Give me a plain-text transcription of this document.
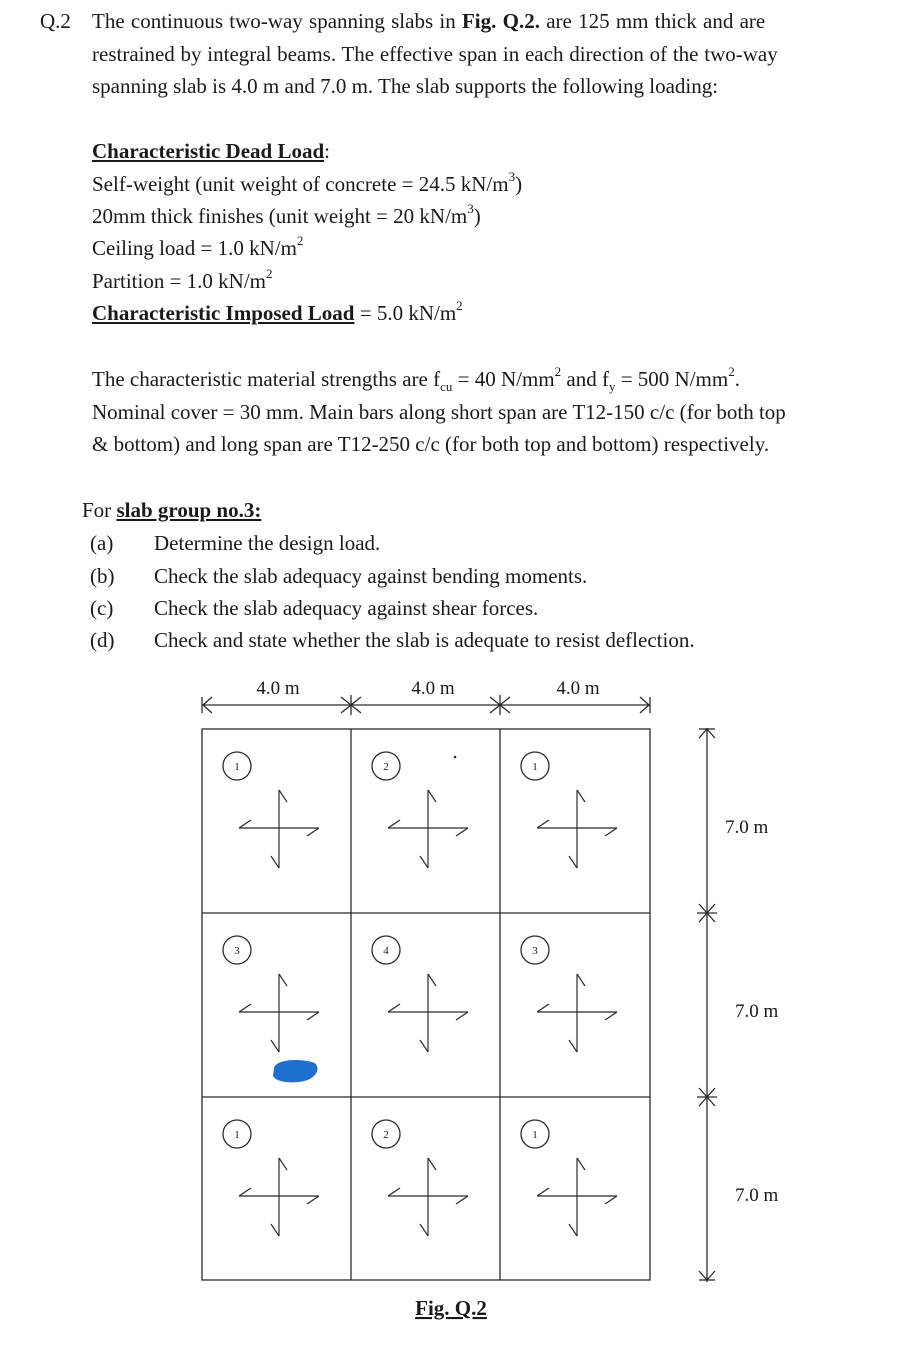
Q.2 The continuous two-way spanning slabs in Fig. Q.2. are 125 mm thick and are
restrained by integral beams. The effective span in each direction of the two-way
spanning slab is 4.0 m and 7.0 m. The slab supports the following loading:
Characteristic Dead Load:
Self-weight (unit weight of concrete = 24.5 $kN/m^3$)
20mm thick finishes (unit weight = 20 $kN/m^3$)
Ceiling load = 1.0 $kN/m^2$
Partition = 1.0 $kN/m^2$
Characteristic Imposed Load = 5.0 $kN/m^2$
The characteristic material strengths are $f_{cu} = 40$ $N/mm^2$ and $f_y = 500$ $N/mm^2$.
Nominal cover = 30 mm. Main bars along short span are T12-150 c/c (for both top
& bottom) and long span are T12-250 c/c (for both top and bottom) respectively.
For slab group no.3:
(a) Determine the design load.
(b) Check the slab adequacy against bending moments.
(c) Check the slab adequacy against shear forces.
(d) Check and state whether the slab is adequate to resist deflection.
1	2	1
3	4	3
1	2	1
4.0 m	4.0 m	4.0 m
7.0 m
7.0 m
7.0 m
Fig. Q.2
